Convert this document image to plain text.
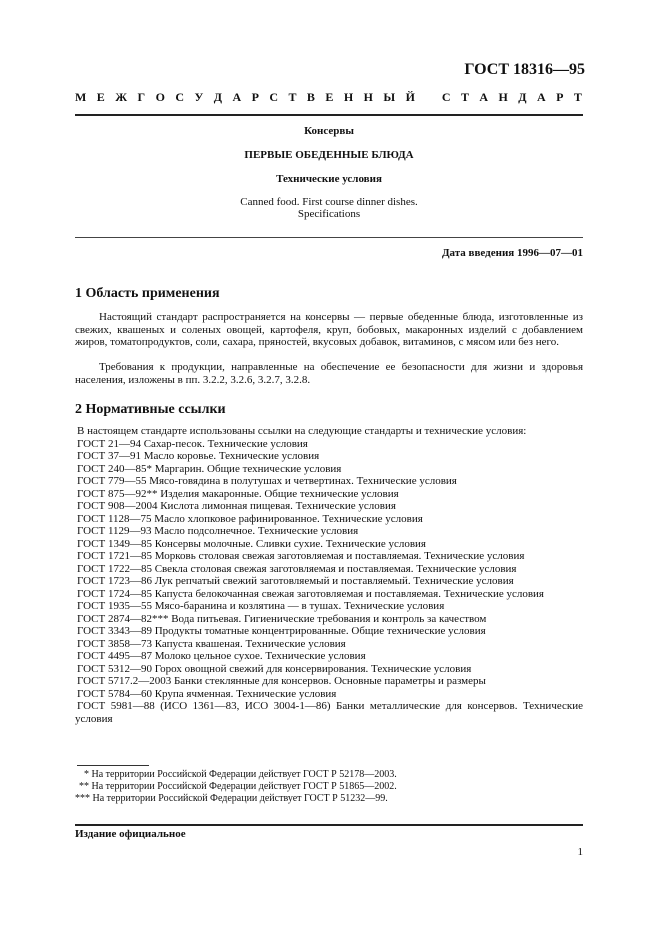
ГОСТ 18316—95
М Е Ж Г О С У Д А Р С Т В Е Н Н Ы Й
С Т А Н Д А Р Т
Консервы
ПЕРВЫЕ ОБЕДЕННЫЕ БЛЮДА
Технические условия
Canned food. First course dinner dishes.
Specifications
Дата введения 1996—07—01
1 Область применения
Настоящий стандарт распространяется на консервы — первые обеденные блюда, изготовленные из свежих, квашеных и соленых овощей, картофеля, круп, бобовых, макаронных изделий с добавлением жиров, томатопродуктов, соли, сахара, пряностей, вкусовых добавок, витаминов, с мясом или без него.
Требования к продукции, направленные на обеспечение ее безопасности для жизни и здоровья населения, изложены в пп. 3.2.2, 3.2.6, 3.2.7, 3.2.8.
2 Нормативные ссылки
В настоящем стандарте использованы ссылки на следующие стандарты и технические условия:
ГОСТ 21—94 Сахар-песок. Технические условия
ГОСТ 37—91 Масло коровье. Технические условия
ГОСТ 240—85* Маргарин. Общие технические условия
ГОСТ 779—55 Мясо-говядина в полутушах и четвертинах. Технические условия
ГОСТ 875—92** Изделия макаронные. Общие технические условия
ГОСТ 908—2004 Кислота лимонная пищевая. Технические условия
ГОСТ 1128—75 Масло хлопковое рафинированное. Технические условия
ГОСТ 1129—93 Масло подсолнечное. Технические условия
ГОСТ 1349—85 Консервы молочные. Сливки сухие. Технические условия
ГОСТ 1721—85 Морковь столовая свежая заготовляемая и поставляемая. Технические условия
ГОСТ 1722—85 Свекла столовая свежая заготовляемая и поставляемая. Технические условия
ГОСТ 1723—86 Лук репчатый свежий заготовляемый и поставляемый. Технические условия
ГОСТ 1724—85 Капуста белокочанная свежая заготовляемая и поставляемая. Технические условия
ГОСТ 1935—55 Мясо-баранина и козлятина — в тушах. Технические условия
ГОСТ 2874—82*** Вода питьевая. Гигиенические требования и контроль за качеством
ГОСТ 3343—89 Продукты томатные концентрированные. Общие технические условия
ГОСТ 3858—73 Капуста квашеная. Технические условия
ГОСТ 4495—87 Молоко цельное сухое. Технические условия
ГОСТ 5312—90 Горох овощной свежий для консервирования. Технические условия
ГОСТ 5717.2—2003 Банки стеклянные для консервов. Основные параметры и размеры
ГОСТ 5784—60 Крупа ячменная. Технические условия
ГОСТ 5981—88 (ИСО 1361—83, ИСО 3004-1—86) Банки металлические для консервов. Технические условия
* На территории Российской Федерации действует ГОСТ Р 52178—2003.
** На территории Российской Федерации действует ГОСТ Р 51865—2002.
*** На территории Российской Федерации действует ГОСТ Р 51232—99.
Издание официальное
1
